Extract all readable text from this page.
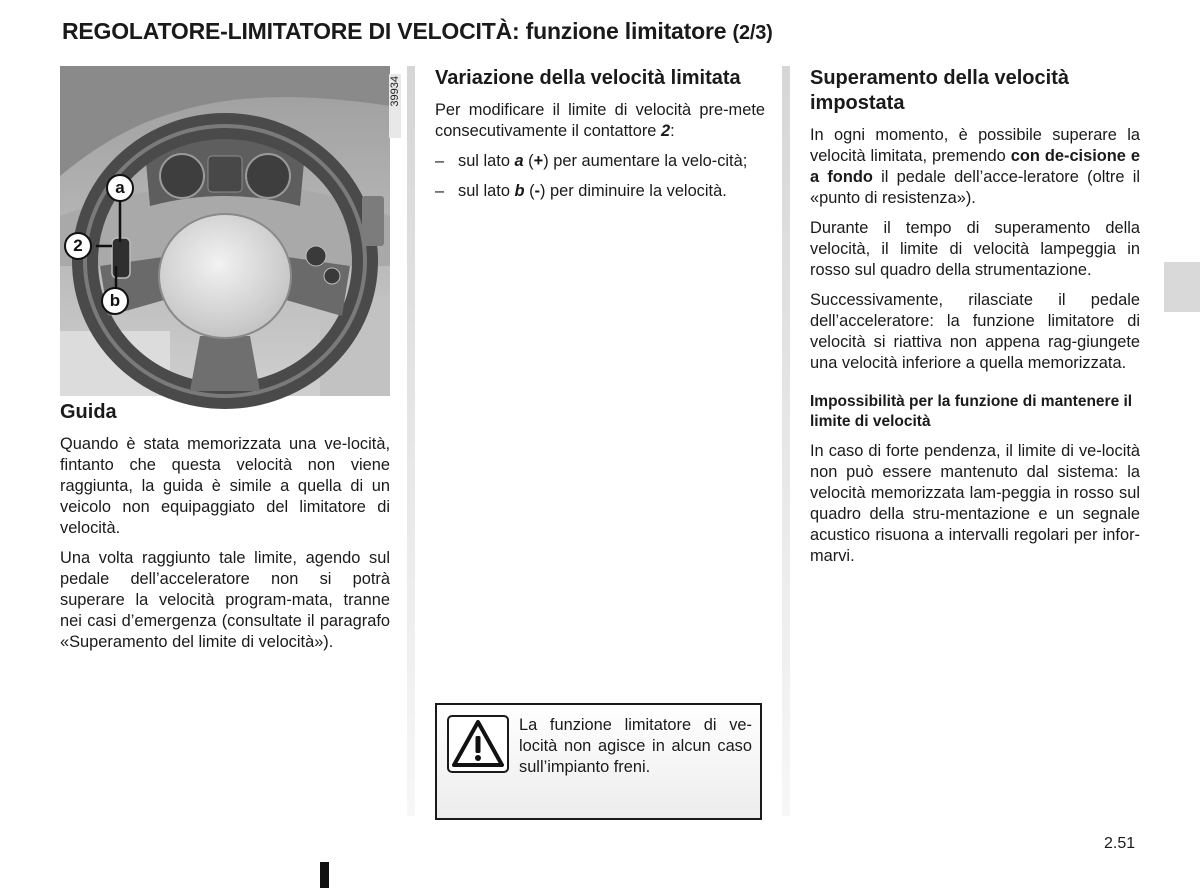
REGOLATORE-LIMITATORE DI VELOCITÀ: funzione limitatore (2/3)
39934
a
2
b
Guida
Quando è stata memorizzata una ve-locità, fintanto che questa velocità non viene raggiunta, la guida è simile a quella di un veicolo non equipaggiato del limitatore di velocità.
Una volta raggiunto tale limite, agendo sul pedale dell’acceleratore non si potrà superare la velocità program-mata, tranne nei casi d’emergenza (consultate il paragrafo «Superamento del limite di velocità»).
Variazione della velocità limitata
Per modificare il limite di velocità pre-mete consecutivamente il contattore 2:
– sul lato a (+) per aumentare la velo-cità;
– sul lato b (-) per diminuire la velocità.
La funzione limitatore di ve-locità non agisce in alcun caso sull’impianto freni.
Superamento della velocità impostata
In ogni momento, è possibile superare la velocità limitata, premendo con de-cisione e a fondo il pedale dell’acce-leratore (oltre il «punto di resistenza»).
Durante il tempo di superamento della velocità, il limite di velocità lampeggia in rosso sul quadro della strumentazione.
Successivamente, rilasciate il pedale dell’acceleratore: la funzione limitatore di velocità si riattiva non appena rag-giungete una velocità inferiore a quella memorizzata.
Impossibilità per la funzione di mantenere il limite di velocità
In caso di forte pendenza, il limite di ve-locità non può essere mantenuto dal sistema: la velocità memorizzata lam-peggia in rosso sul quadro della stru-mentazione e un segnale acustico risuona a intervalli regolari per infor-marvi.
2.51
